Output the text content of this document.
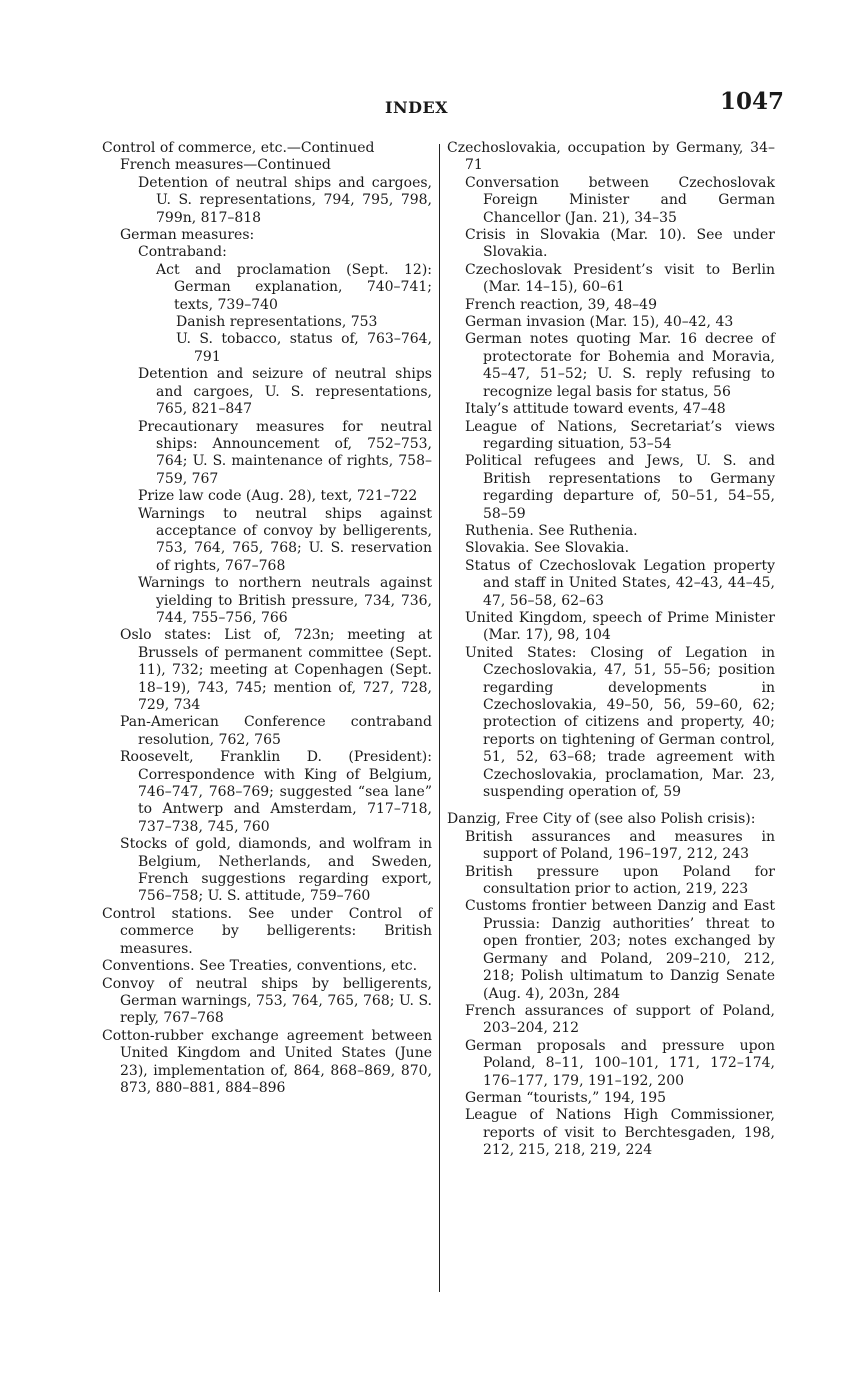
INDEX	1047

Control of commerce, etc.—Continued

French measures—Continued

Detention of neutral ships and cargoes, U. S. representations, 794, 795, 798, 799n, 817–818

German measures:

Contraband:

Act and proclamation (Sept. 12): German explanation, 740–741; texts, 739–740

Danish representations, 753

U. S. tobacco, status of, 763–764, 791

Detention and seizure of neutral ships and cargoes, U. S. representations, 765, 821–847

Precautionary measures for neutral ships: Announcement of, 752–753, 764; U. S. maintenance of rights, 758–759, 767

Prize law code (Aug. 28), text, 721–722

Warnings to neutral ships against acceptance of convoy by belligerents, 753, 764, 765, 768; U. S. reservation of rights, 767–768

Warnings to northern neutrals against yielding to British pressure, 734, 736, 744, 755–756, 766

Oslo states: List of, 723n; meeting at Brussels of permanent committee (Sept. 11), 732; meeting at Copenhagen (Sept. 18–19), 743, 745; mention of, 727, 728, 729, 734

Pan-American Conference contraband resolution, 762, 765

Roosevelt, Franklin D. (President): Correspondence with King of Belgium, 746–747, 768–769; suggested “sea lane” to Antwerp and Amsterdam, 717–718, 737–738, 745, 760

Stocks of gold, diamonds, and wolfram in Belgium, Netherlands, and Sweden, French suggestions regarding export, 756–758; U. S. attitude, 759–760

Control stations. See under Control of commerce by belligerents: British measures.

Conventions. See Treaties, conventions, etc.

Convoy of neutral ships by belligerents, German warnings, 753, 764, 765, 768; U. S. reply, 767–768

Cotton-rubber exchange agreement between United Kingdom and United States (June 23), implementation of, 864, 868–869, 870, 873, 880–881, 884–896

Czechoslovakia, occupation by Germany, 34–71

Conversation between Czechoslovak Foreign Minister and German Chancellor (Jan. 21), 34–35

Crisis in Slovakia (Mar. 10). See under Slovakia.

Czechoslovak President’s visit to Berlin (Mar. 14–15), 60–61

French reaction, 39, 48–49

German invasion (Mar. 15), 40–42, 43

German notes quoting Mar. 16 decree of protectorate for Bohemia and Moravia, 45–47, 51–52; U. S. reply refusing to recognize legal basis for status, 56

Italy’s attitude toward events, 47–48

League of Nations, Secretariat’s views regarding situation, 53–54

Political refugees and Jews, U. S. and British representations to Germany regarding departure of, 50–51, 54–55, 58–59

Ruthenia. See Ruthenia.

Slovakia. See Slovakia.

Status of Czechoslovak Legation property and staff in United States, 42–43, 44–45, 47, 56–58, 62–63

United Kingdom, speech of Prime Minister (Mar. 17), 98, 104

United States: Closing of Legation in Czechoslovakia, 47, 51, 55–56; position regarding developments in Czechoslovakia, 49–50, 56, 59–60, 62; protection of citizens and property, 40; reports on tightening of German control, 51, 52, 63–68; trade agreement with Czechoslovakia, proclamation, Mar. 23, suspending operation of, 59

Danzig, Free City of (see also Polish crisis):

British assurances and measures in support of Poland, 196–197, 212, 243

British pressure upon Poland for consultation prior to action, 219, 223

Customs frontier between Danzig and East Prussia: Danzig authorities’ threat to open frontier, 203; notes exchanged by Germany and Poland, 209–210, 212, 218; Polish ultimatum to Danzig Senate (Aug. 4), 203n, 284

French assurances of support of Poland, 203–204, 212

German proposals and pressure upon Poland, 8–11, 100–101, 171, 172–174, 176–177, 179, 191–192, 200

German “tourists,” 194, 195

League of Nations High Commissioner, reports of visit to Berchtesgaden, 198, 212, 215, 218, 219, 224
